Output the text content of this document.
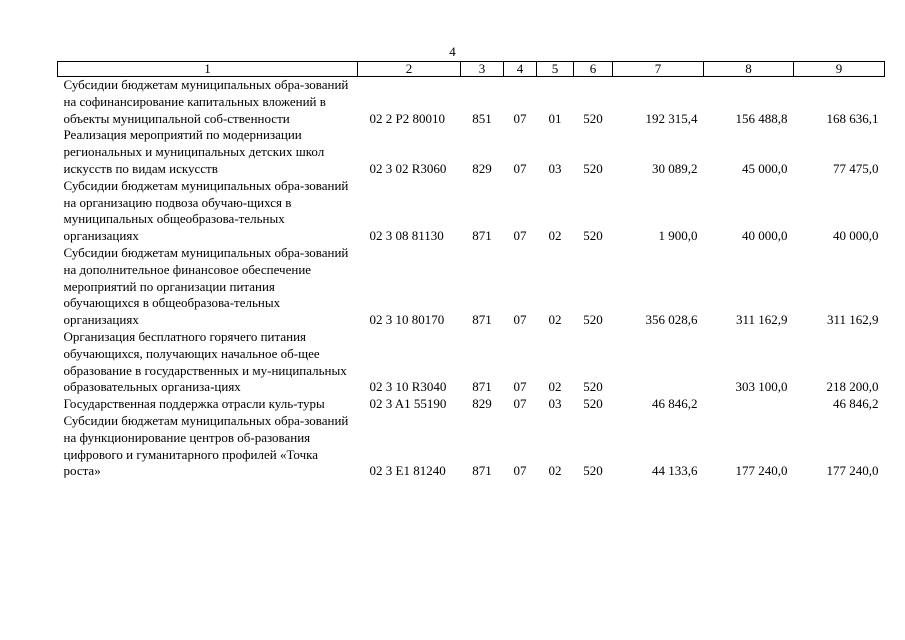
4
1	2	3	4	5	6	7	8	9
Субсидии бюджетам муниципальных обра-зований на софинансирование капитальных вложений в объекты муниципальной соб-ственности	02 2 P2 80010	851	07	01	520	192 315,4	156 488,8	168 636,1
Реализация мероприятий по модернизации региональных и муниципальных детских школ искусств по видам искусств	02 3 02 R3060	829	07	03	520	30 089,2	45 000,0	77 475,0
Субсидии бюджетам муниципальных обра-зований на организацию подвоза обучаю-щихся в муниципальных общеобразова-тельных организациях	02 3 08 81130	871	07	02	520	1 900,0	40 000,0	40 000,0
Субсидии бюджетам муниципальных обра-зований на дополнительное финансовое обеспечение мероприятий по организации питания обучающихся в общеобразова-тельных организациях	02 3 10 80170	871	07	02	520	356 028,6	311 162,9	311 162,9
Организация бесплатного горячего питания обучающихся, получающих начальное об-щее образование в государственных и му-ниципальных образовательных организа-циях	02 3 10 R3040	871	07	02	520		303 100,0	218 200,0
Государственная поддержка отрасли куль-туры	02 3 A1 55190	829	07	03	520	46 846,2		46 846,2
Субсидии бюджетам муниципальных обра-зований на функционирование центров об-разования цифрового и гуманитарного профилей «Точка роста»	02 3 E1 81240	871	07	02	520	44 133,6	177 240,0	177 240,0
